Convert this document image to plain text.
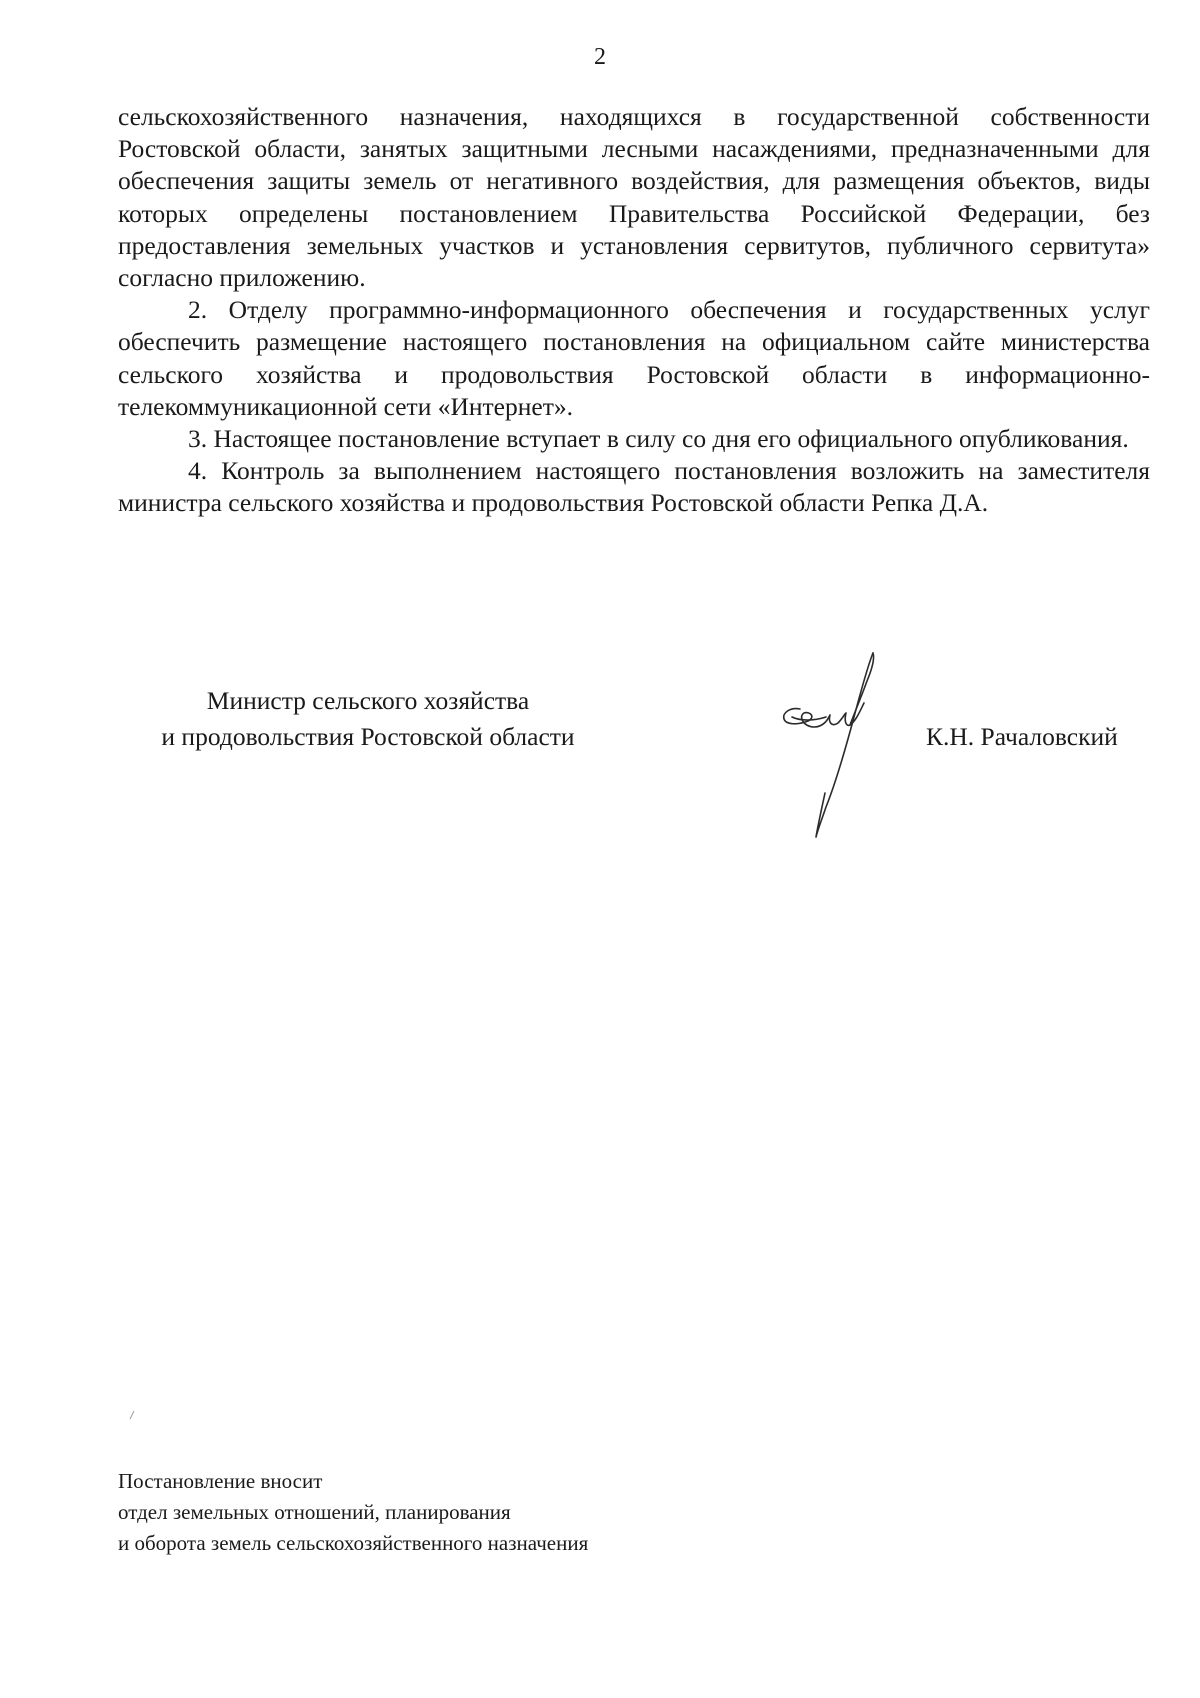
2

сельскохозяйственного назначения, находящихся в государственной собственности Ростовской области, занятых защитными лесными насаждениями, предназначенными для обеспечения защиты земель от негативного воздействия, для размещения объектов, виды которых определены постановлением Правительства Российской Федерации, без предоставления земельных участков и установления сервитутов, публичного сервитута» согласно приложению.

2. Отделу программно-информационного обеспечения и государственных услуг обеспечить размещение настоящего постановления на официальном сайте министерства сельского хозяйства и продовольствия Ростовской области в информационно-телекоммуникационной сети «Интернет».

3. Настоящее постановление вступает в силу со дня его официального опубликования.

4. Контроль за выполнением настоящего постановления возложить на заместителя министра сельского хозяйства и продовольствия Ростовской области Репка Д.А.

Министр сельского хозяйства
и продовольствия Ростовской области	К.Н. Рачаловский
Постановление вносит
отдел земельных отношений, планирования
и оборота земель сельскохозяйственного назначения
